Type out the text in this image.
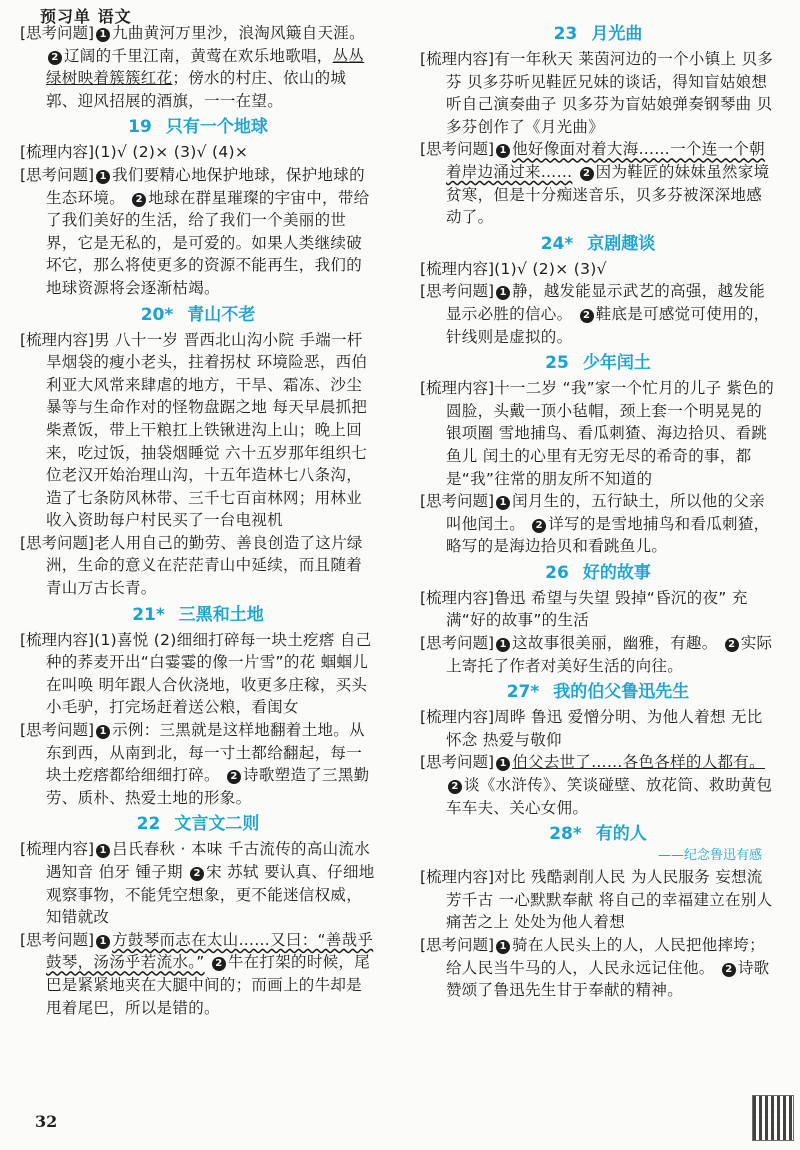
预习单 语文
[思考问题] 1 九曲黄河万里沙，浪淘风簸自天涯。 2 辽阔的千里江南，黄莺在欢乐地歌唱，丛丛绿树映着簇簇红花；傍水的村庄、依山的城郭、迎风招展的酒旗，一一在望。
19 只有一个地球
[梳理内容](1)√ (2)× (3)√ (4)×
[思考问题] 1 我们要精心地保护地球，保护地球的生态环境。 2 地球在群星璀璨的宇宙中，带给了我们美好的生活，给了我们一个美丽的世界，它是无私的，是可爱的。如果人类继续破坏它，那么将使更多的资源不能再生，我们的地球资源将会逐渐枯竭。
20* 青山不老
[梳理内容]男 八十一岁 晋西北山沟小院 手端一杆旱烟袋的瘦小老头，拄着拐杖 环境险恶，西伯利亚大风常来肆虐的地方，干旱、霜冻、沙尘暴等与生命作对的怪物盘踞之地 每天早晨抓把柴煮饭，带上干粮扛上铁锹进沟上山；晚上回来，吃过饭，抽袋烟睡觉 六十五岁那年组织七位老汉开始治理山沟，十五年造林七八条沟，造了七条防风林带、三千七百亩林网；用林业收入资助每户村民买了一台电视机
[思考问题]老人用自己的勤劳、善良创造了这片绿洲，生命的意义在茫茫青山中延续，而且随着青山万古长青。
21* 三黑和土地
[梳理内容](1)喜悦 (2)细细打碎每一块土疙瘩 自己种的荞麦开出“白霎霎的像一片雪”的花 蝈蝈儿在叫唤 明年跟人合伙浇地，收更多庄稼，买头小毛驴，打完场赶着送公粮，看闺女
[思考问题] 1 示例：三黑就是这样地翻着土地。从东到西，从南到北，每一寸土都给翻起，每一块土疙瘩都给细细打碎。 2 诗歌塑造了三黑勤劳、质朴、热爱土地的形象。
22 文言文二则
[梳理内容] 1 吕氏春秋 · 本味 千古流传的高山流水遇知音 伯牙 锺子期 2 宋 苏轼 要认真、仔细地观察事物，不能凭空想象，更不能迷信权威，知错就改
[思考问题] 1 方鼓琴而志在太山……又曰：“善哉乎鼓琴，汤汤乎若流水。” 2 牛在打架的时候，尾巴是紧紧地夹在大腿中间的；而画上的牛却是甩着尾巴，所以是错的。
23 月光曲
[梳理内容]有一年秋天 莱茵河边的一个小镇上 贝多芬 贝多芬听见鞋匠兄妹的谈话，得知盲姑娘想听自己演奏曲子 贝多芬为盲姑娘弹奏钢琴曲 贝多芬创作了《月光曲》
[思考问题] 1 他好像面对着大海……一个连一个朝着岸边涌过来…… 2 因为鞋匠的妹妹虽然家境贫寒，但是十分痴迷音乐，贝多芬被深深地感动了。
24* 京剧趣谈
[梳理内容](1)√ (2)× (3)√
[思考问题] 1 静，越发能显示武艺的高强，越发能显示必胜的信心。 2 鞋底是可感觉可使用的，针线则是虚拟的。
25 少年闰土
[梳理内容]十一二岁 “我”家一个忙月的儿子 紫色的圆脸，头戴一顶小毡帽，颈上套一个明晃晃的银项圈 雪地捕鸟、看瓜刺猹、海边拾贝、看跳鱼儿 闰土的心里有无穷无尽的希奇的事，都是“我”往常的朋友所不知道的
[思考问题] 1 闰月生的，五行缺土，所以他的父亲叫他闰土。 2 详写的是雪地捕鸟和看瓜刺猹，略写的是海边拾贝和看跳鱼儿。
26 好的故事
[梳理内容]鲁迅 希望与失望 毁掉“昏沉的夜” 充满“好的故事”的生活
[思考问题] 1 这故事很美丽，幽雅，有趣。 2 实际上寄托了作者对美好生活的向往。
27* 我的伯父鲁迅先生
[梳理内容]周晔 鲁迅 爱憎分明、为他人着想 无比怀念 热爱与敬仰
[思考问题] 1 伯父去世了……各色各样的人都有。 2 谈《水浒传》、笑谈碰壁、放花筒、救助黄包车车夫、关心女佣。
28* 有的人
——纪念鲁迅有感
[梳理内容]对比 残酷剥削人民 为人民服务 妄想流芳千古 一心默默奉献 将自己的幸福建立在别人痛苦之上 处处为他人着想
[思考问题] 1 骑在人民头上的人，人民把他摔垮；给人民当牛马的人，人民永远记住他。 2 诗歌赞颂了鲁迅先生甘于奉献的精神。
32
